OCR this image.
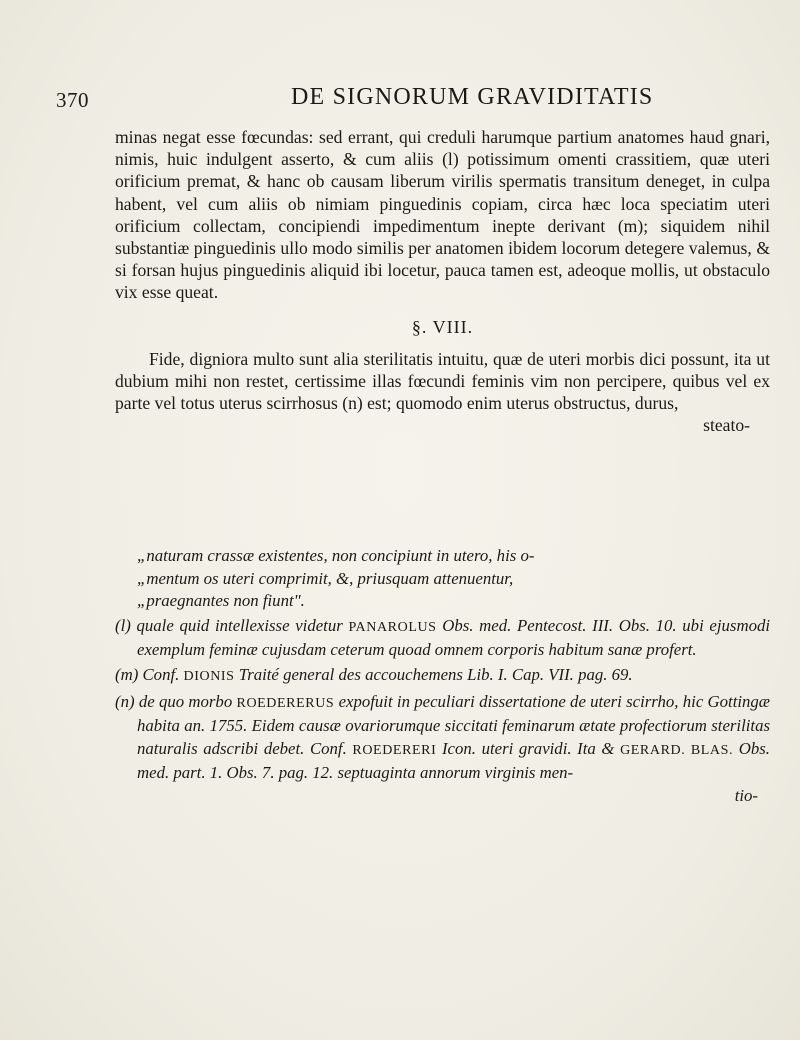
370	DE SIGNORUM GRAVIDITATIS

minas negat esse fœcundas: sed errant, qui creduli harumque partium anatomes haud gnari, nimis, huic indulgent asserto, & cum aliis (l) potissimum omenti crassitiem, quæ uteri orificium premat, & hanc ob causam liberum virilis spermatis transitum deneget, in culpa habent, vel cum aliis ob nimiam pinguedinis copiam, circa hæc loca speciatim uteri orificium collectam, concipiendi impedimentum inepte derivant (m); siquidem nihil substantiæ pinguedinis ullo modo similis per anatomen ibidem locorum detegere valemus, & si forsan hujus pinguedinis aliquid ibi locetur, pauca tamen est, adeoque mollis, ut obstaculo vix esse queat.

§. VIII.

Fide, digniora multo sunt alia sterilitatis intuitu, quæ de uteri morbis dici possunt, ita ut dubium mihi non restet, certissime illas fœcundi feminis vim non percipere, quibus vel ex parte vel totus uterus scirrhosus (n) est; quomodo enim uterus obstructus, durus,

steato-

„naturam crassæ existentes, non concipiunt in utero, his o-

„mentum os uteri comprimit, &, priusquam attenuentur,

„praegnantes non fiunt".

(l) quale quid intellexisse videtur PANAROLUS Obs. med. Pentecost. III. Obs. 10. ubi ejusmodi exemplum feminæ cujusdam ceterum quoad omnem corporis habitum sanæ profert.

(m) Conf. DIONIS Traité general des accouchemens Lib. I. Cap. VII. pag. 69.

(n) de quo morbo ROEDERERUS expofuit in peculiari dissertatione de uteri scirrho, hic Gottingæ habita an. 1755. Eidem causæ ovariorumque siccitati feminarum ætate profectiorum sterilitas naturalis adscribi debet. Conf. ROEDERERI Icon. uteri gravidi. Ita & GERARD. BLAS. Obs. med. part. 1. Obs. 7. pag. 12. septuaginta annorum virginis men-

tio-
